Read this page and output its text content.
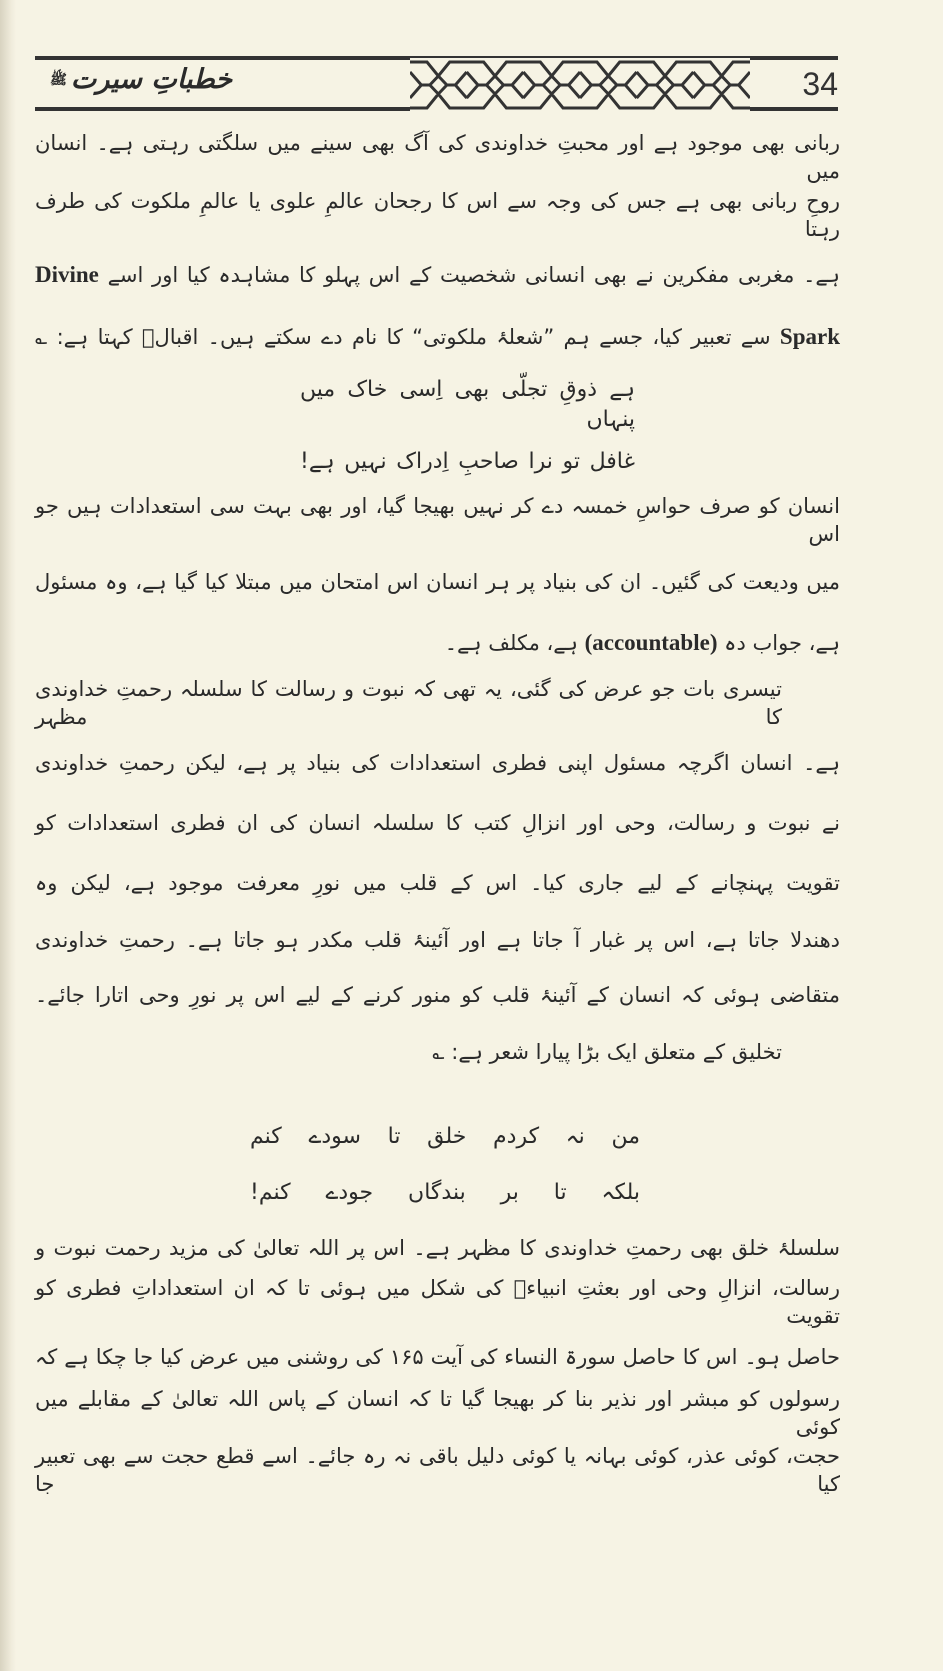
خطباتِ سیرتﷺ	34
ربانی بھی موجود ہے اور محبتِ خداوندی کی آگ بھی سینے میں سلگتی رہتی ہے۔ انسان میں
روحِ ربانی بھی ہے جس کی وجہ سے اس کا رجحان عالمِ علوی یا عالمِ ملکوت کی طرف رہتا
ہے۔ مغربی مفکرین نے بھی انسانی شخصیت کے اس پہلو کا مشاہدہ کیا اور اسے Divine
Spark سے تعبیر کیا، جسے ہم ”شعلۂ ملکوتی“ کا نام دے سکتے ہیں۔ اقبالؔ کہتا ہے: ؎
ہے ذوقِ تجلّی بھی اِسی خاک میں پنہاں
غافل تو نرا صاحبِ اِدراک نہیں ہے!
انسان کو صرف حواسِ خمسہ دے کر نہیں بھیجا گیا، اور بھی بہت سی استعدادات ہیں جو اس
میں ودیعت کی گئیں۔ ان کی بنیاد پر ہر انسان اس امتحان میں مبتلا کیا گیا ہے، وہ مسئول
ہے، جواب دہ (accountable) ہے، مکلف ہے۔
تیسری بات جو عرض کی گئی، یہ تھی کہ نبوت و رسالت کا سلسلہ رحمتِ خداوندی کا مظہر
ہے۔ انسان اگرچہ مسئول اپنی فطری استعدادات کی بنیاد پر ہے، لیکن رحمتِ خداوندی
نے نبوت و رسالت، وحی اور انزالِ کتب کا سلسلہ انسان کی ان فطری استعدادات کو
تقویت پہنچانے کے لیے جاری کیا۔ اس کے قلب میں نورِ معرفت موجود ہے، لیکن وہ
دھندلا جاتا ہے، اس پر غبار آ جاتا ہے اور آئینۂ قلب مکدر ہو جاتا ہے۔ رحمتِ خداوندی
متقاضی ہوئی کہ انسان کے آئینۂ قلب کو منور کرنے کے لیے اس پر نورِ وحی اتارا جائے۔
تخلیق کے متعلق ایک بڑا پیارا شعر ہے: ؎
من نہ کردم خلق تا سودے کنم
بلکہ تا بر بندگاں جودے کنم!
سلسلۂ خلق بھی رحمتِ خداوندی کا مظہر ہے۔ اس پر اللہ تعالیٰ کی مزید رحمت نبوت و
رسالت، انزالِ وحی اور بعثتِ انبیاءؑ کی شکل میں ہوئی تا کہ ان استعداداتِ فطری کو تقویت
حاصل ہو۔ اس کا حاصل سورۃ النساء کی آیت ۱۶۵ کی روشنی میں عرض کیا جا چکا ہے کہ
رسولوں کو مبشر اور نذیر بنا کر بھیجا گیا تا کہ انسان کے پاس اللہ تعالیٰ کے مقابلے میں کوئی
حجت، کوئی عذر، کوئی بہانہ یا کوئی دلیل باقی نہ رہ جائے۔ اسے قطع حجت سے بھی تعبیر کیا جا
